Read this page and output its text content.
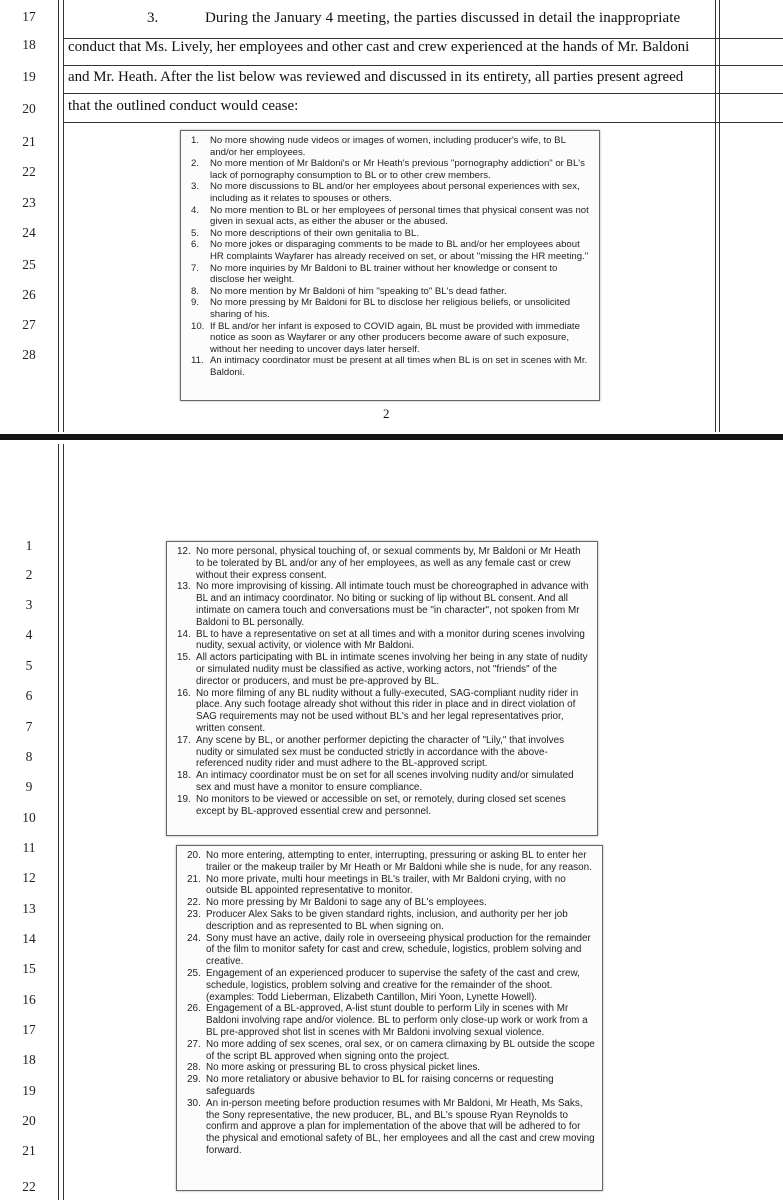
17
18
19
20
21
22
23
24
25
26
27
28
3.	During the January 4 meeting, the parties discussed in detail the inappropriate
conduct that Ms. Lively, her employees and other cast and crew experienced at the hands of Mr. Baldoni
and Mr. Heath. After the list below was reviewed and discussed in its entirety, all parties present agreed
that the outlined conduct would cease:
1. No more showing nude videos or images of women, including producer's wife, to BL and/or her employees.
2. No more mention of Mr Baldoni's or Mr Heath's previous "pornography addiction" or BL's lack of pornography consumption to BL or to other crew members.
3. No more discussions to BL and/or her employees about personal experiences with sex, including as it relates to spouses or others.
4. No more mention to BL or her employees of personal times that physical consent was not given in sexual acts, as either the abuser or the abused.
5. No more descriptions of their own genitalia to BL.
6. No more jokes or disparaging comments to be made to BL and/or her employees about HR complaints Wayfarer has already received on set, or about "missing the HR meeting."
7. No more inquiries by Mr Baldoni to BL trainer without her knowledge or consent to disclose her weight.
8. No more mention by Mr Baldoni of him "speaking to" BL's dead father.
9. No more pressing by Mr Baldoni for BL to disclose her religious beliefs, or unsolicited sharing of his.
10. If BL and/or her infant is exposed to COVID again, BL must be provided with immediate notice as soon as Wayfarer or any other producers become aware of such exposure, without her needing to uncover days later herself.
11. An intimacy coordinator must be present at all times when BL is on set in scenes with Mr. Baldoni.
2
1
2
3
4
5
6
7
8
9
10
11
12
13
14
15
16
17
18
19
20
21
22
12. No more personal, physical touching of, or sexual comments by, Mr Baldoni or Mr Heath to be tolerated by BL and/or any of her employees, as well as any female cast or crew without their express consent.
13. No more improvising of kissing. All intimate touch must be choreographed in advance with BL and an intimacy coordinator. No biting or sucking of lip without BL consent. And all intimate on camera touch and conversations must be "in character", not spoken from Mr Baldoni to BL personally.
14. BL to have a representative on set at all times and with a monitor during scenes involving nudity, sexual activity, or violence with Mr Baldoni.
15. All actors participating with BL in intimate scenes involving her being in any state of nudity or simulated nudity must be classified as active, working actors, not "friends" of the director or producers, and must be pre-approved by BL.
16. No more filming of any BL nudity without a fully-executed, SAG-compliant nudity rider in place. Any such footage already shot without this rider in place and in direct violation of SAG requirements may not be used without BL's and her legal representatives prior, written consent.
17. Any scene by BL, or another performer depicting the character of "Lily," that involves nudity or simulated sex must be conducted strictly in accordance with the above-referenced nudity rider and must adhere to the BL-approved script.
18. An intimacy coordinator must be on set for all scenes involving nudity and/or simulated sex and must have a monitor to ensure compliance.
19. No monitors to be viewed or accessible on set, or remotely, during closed set scenes except by BL-approved essential crew and personnel.
20. No more entering, attempting to enter, interrupting, pressuring or asking BL to enter her trailer or the makeup trailer by Mr Heath or Mr Baldoni while she is nude, for any reason.
21. No more private, multi hour meetings in BL's trailer, with Mr Baldoni crying, with no outside BL appointed representative to monitor.
22. No more pressing by Mr Baldoni to sage any of BL's employees.
23. Producer Alex Saks to be given standard rights, inclusion, and authority per her job description and as represented to BL when signing on.
24. Sony must have an active, daily role in overseeing physical production for the remainder of the film to monitor safety for cast and crew, schedule, logistics, problem solving and creative.
25. Engagement of an experienced producer to supervise the safety of the cast and crew, schedule, logistics, problem solving and creative for the remainder of the shoot. (examples: Todd Lieberman, Elizabeth Cantillon, Miri Yoon, Lynette Howell).
26. Engagement of a BL-approved, A-list stunt double to perform Lily in scenes with Mr Baldoni involving rape and/or violence. BL to perform only close-up work or work from a BL pre-approved shot list in scenes with Mr Baldoni involving sexual violence.
27. No more adding of sex scenes, oral sex, or on camera climaxing by BL outside the scope of the script BL approved when signing onto the project.
28. No more asking or pressuring BL to cross physical picket lines.
29. No more retaliatory or abusive behavior to BL for raising concerns or requesting safeguards
30. An in-person meeting before production resumes with Mr Baldoni, Mr Heath, Ms Saks, the Sony representative, the new producer, BL, and BL's spouse Ryan Reynolds to confirm and approve a plan for implementation of the above that will be adhered to for the physical and emotional safety of BL, her employees and all the cast and crew moving forward.
